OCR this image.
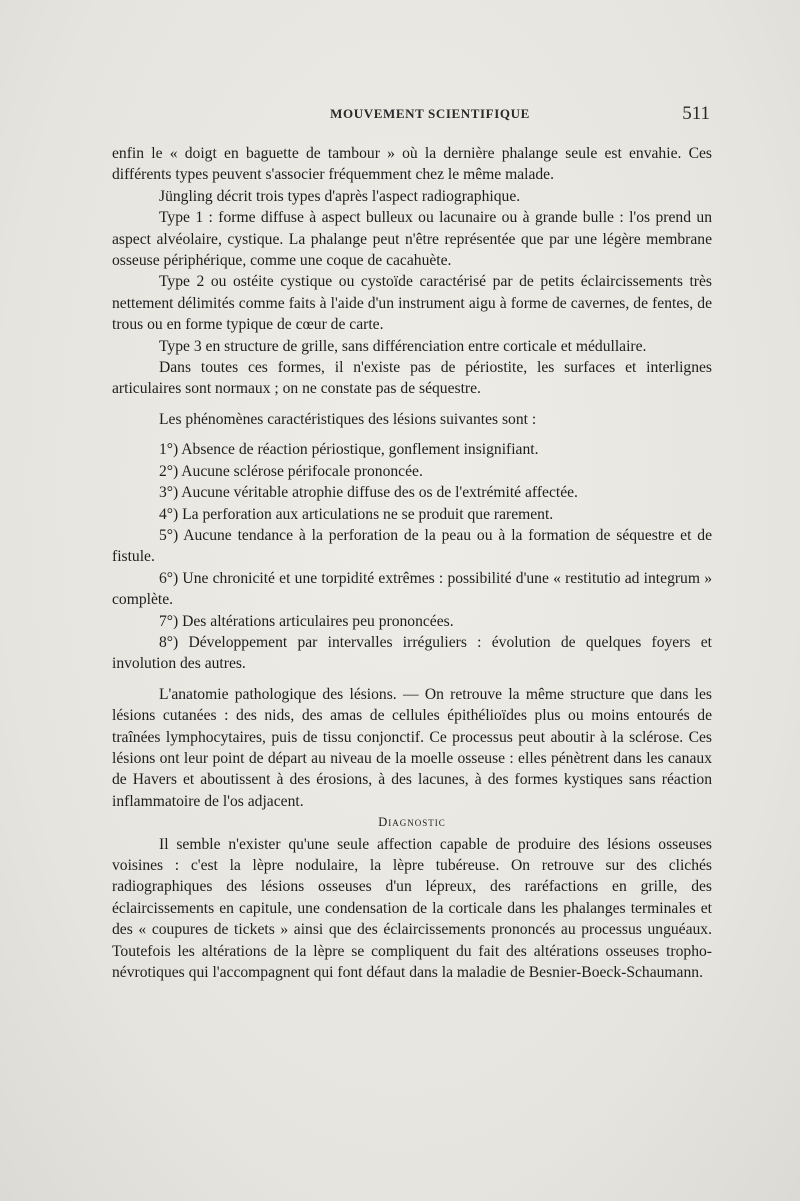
MOUVEMENT SCIENTIFIQUE	511

enfin le « doigt en baguette de tambour » où la dernière phalange seule est envahie. Ces différents types peuvent s'associer fréquemment chez le même malade.

Jüngling décrit trois types d'après l'aspect radiographique.

Type 1 : forme diffuse à aspect bulleux ou lacunaire ou à grande bulle : l'os prend un aspect alvéolaire, cystique. La phalange peut n'être représentée que par une légère membrane osseuse périphérique, comme une coque de cacahuète.

Type 2 ou ostéite cystique ou cystoïde caractérisé par de petits éclaircissements très nettement délimités comme faits à l'aide d'un instrument aigu à forme de cavernes, de fentes, de trous ou en forme typique de cœur de carte.

Type 3 en structure de grille, sans différenciation entre corticale et médullaire.

Dans toutes ces formes, il n'existe pas de périostite, les surfaces et interlignes articulaires sont normaux ; on ne constate pas de séquestre.

Les phénomènes caractéristiques des lésions suivantes sont :

1°) Absence de réaction périostique, gonflement insignifiant.

2°) Aucune sclérose périfocale prononcée.

3°) Aucune véritable atrophie diffuse des os de l'extrémité affectée.

4°) La perforation aux articulations ne se produit que rarement.

5°) Aucune tendance à la perforation de la peau ou à la formation de séquestre et de fistule.

6°) Une chronicité et une torpidité extrêmes : possibilité d'une « restitutio ad integrum » complète.

7°) Des altérations articulaires peu prononcées.

8°) Développement par intervalles irréguliers : évolution de quelques foyers et involution des autres.

L'anatomie pathologique des lésions. — On retrouve la même structure que dans les lésions cutanées : des nids, des amas de cellules épithélioïdes plus ou moins entourés de traînées lymphocytaires, puis de tissu conjonctif. Ce processus peut aboutir à la sclérose. Ces lésions ont leur point de départ au niveau de la moelle osseuse : elles pénètrent dans les canaux de Havers et aboutissent à des érosions, à des lacunes, à des formes kystiques sans réaction inflammatoire de l'os adjacent.

Diagnostic

Il semble n'exister qu'une seule affection capable de produire des lésions osseuses voisines : c'est la lèpre nodulaire, la lèpre tubéreuse. On retrouve sur des clichés radiographiques des lésions osseuses d'un lépreux, des raréfactions en grille, des éclaircissements en capitule, une condensation de la corticale dans les phalanges terminales et des « coupures de tickets » ainsi que des éclaircissements prononcés au processus unguéaux. Toutefois les altérations de la lèpre se compliquent du fait des altérations osseuses tropho-névrotiques qui l'accompagnent qui font défaut dans la maladie de Besnier-Boeck-Schaumann.
